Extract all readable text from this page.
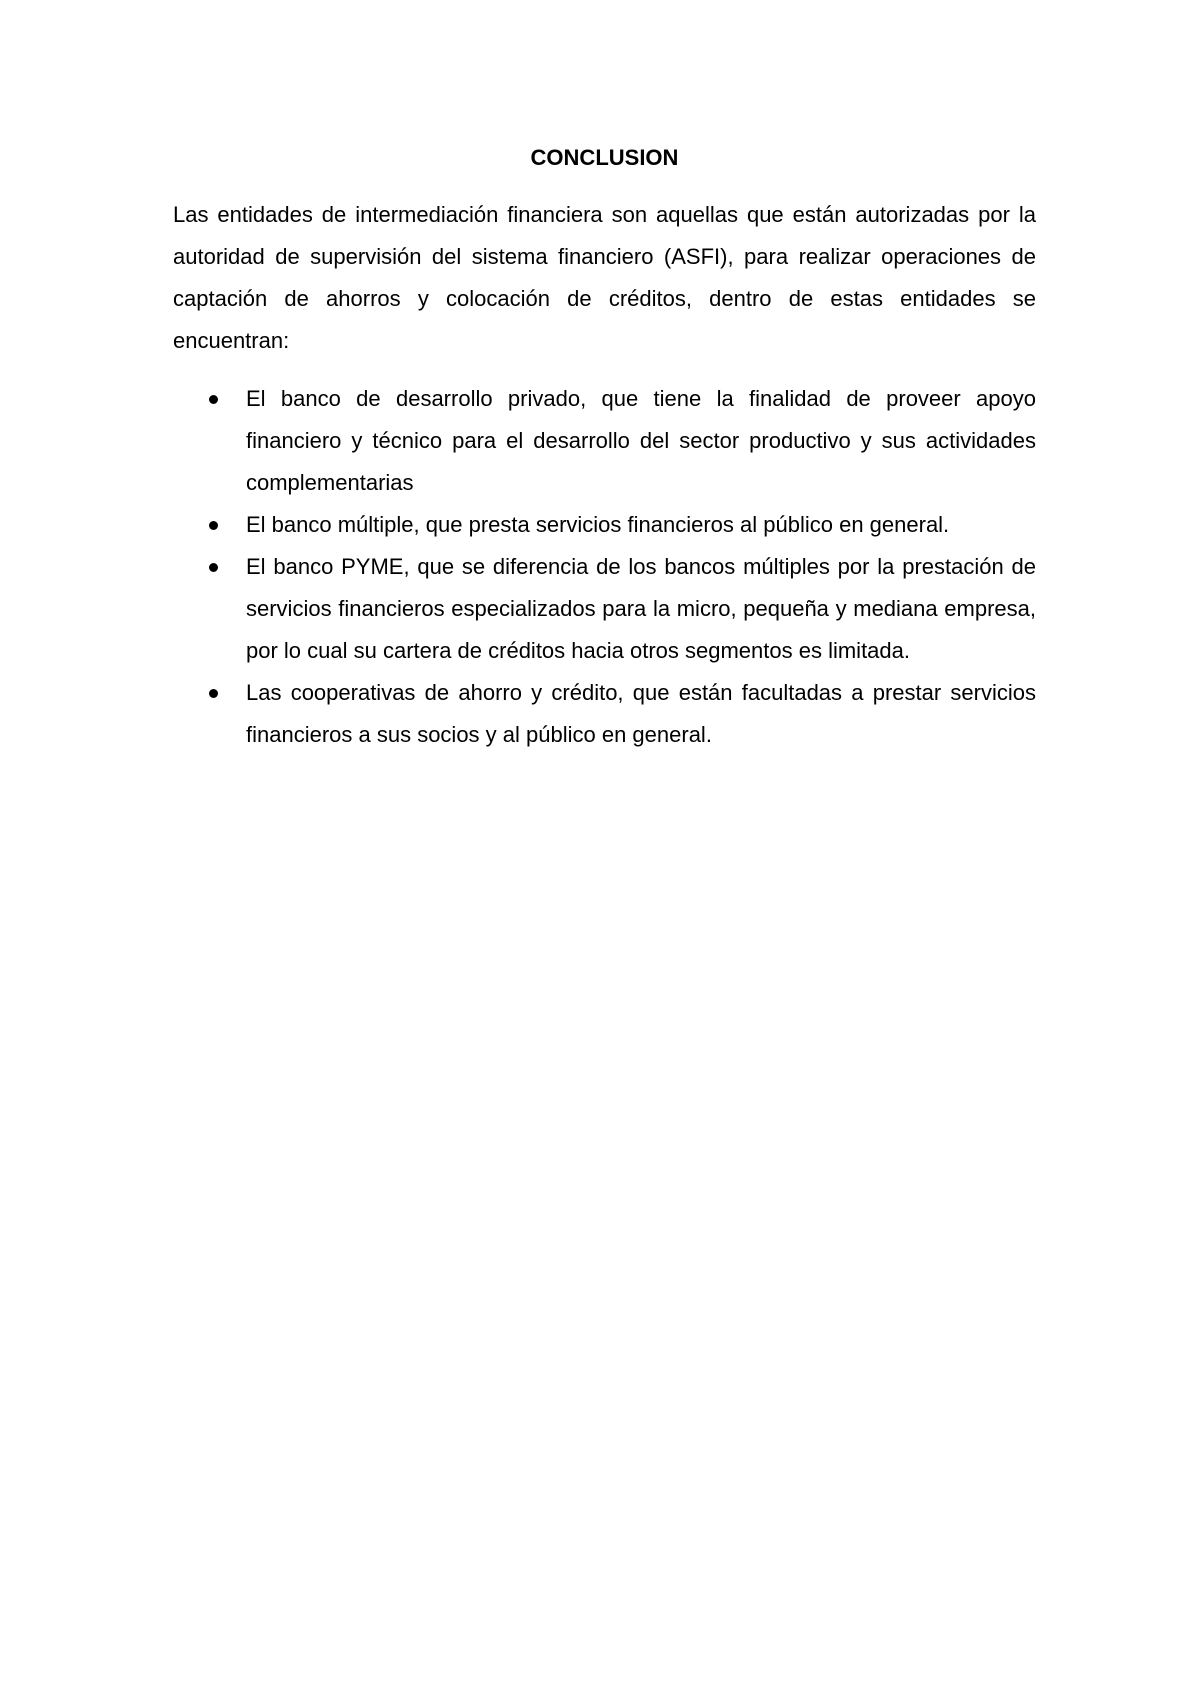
CONCLUSION

Las entidades de intermediación financiera son aquellas que están autorizadas por la autoridad de supervisión del sistema financiero (ASFI), para realizar operaciones de captación de ahorros y colocación de créditos, dentro de estas entidades se encuentran:

El banco de desarrollo privado, que tiene la finalidad de proveer apoyo financiero y técnico para el desarrollo del sector productivo y sus actividades complementarias
El banco múltiple, que presta servicios financieros al público en general.
El banco PYME, que se diferencia de los bancos múltiples por la prestación de servicios financieros especializados para la micro, pequeña y mediana empresa, por lo cual su cartera de créditos hacia otros segmentos es limitada.
Las cooperativas de ahorro y crédito, que están facultadas a prestar servicios financieros a sus socios y al público en general.
